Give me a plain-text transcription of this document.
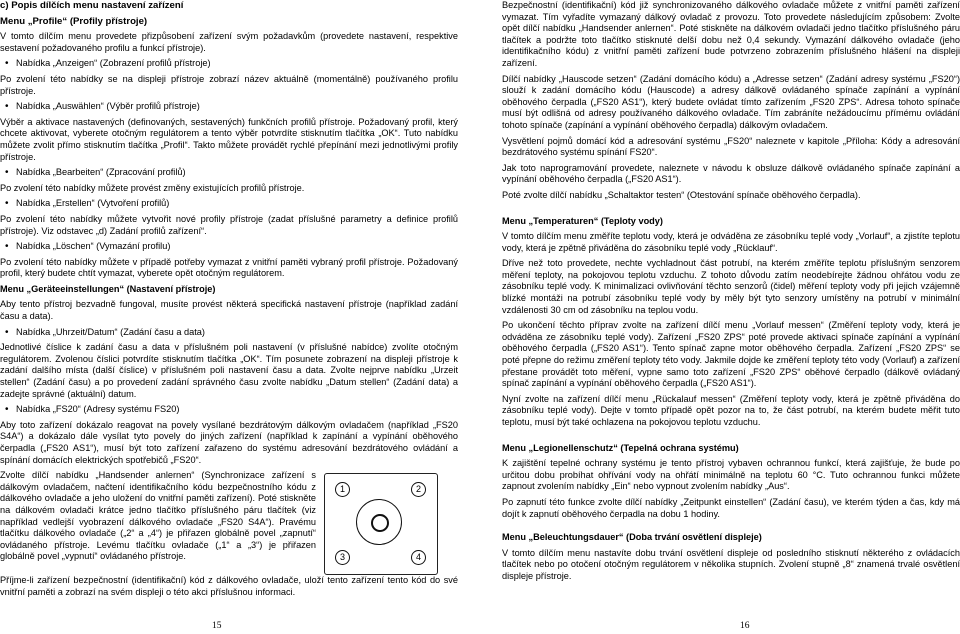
c) Popis dílčích menu nastavení zařízení

Menu „Profile“ (Profily přístroje)

V tomto dílčím menu provedete přizpůsobení zařízení svým požadavkům (provedete nastavení, respektive sestavení požadovaného profilu a funkcí přístroje).

• Nabídka „Anzeigen“ (Zobrazení profilů přístroje)

Po zvolení této nabídky se na displeji přístroje zobrazí název aktuálně (momentálně) používaného profilu přístroje.

• Nabídka „Auswählen“ (Výběr profilů přístroje)

Výběr a aktivace nastavených (definovaných, sestavených) funkčních profilů přístroje. Požadovaný profil, který chcete aktivovat, vyberete otočným regulátorem a tento výběr potvrdíte stisknutím tlačítka „OK“. Tuto nabídku můžete zvolit přímo stisknutím tlačítka „Profil“. Takto můžete provádět rychlé přepínání mezi jednotlivými profily přístroje.

• Nabídka „Bearbeiten“ (Zpracování profilů)

Po zvolení této nabídky můžete provést změny existujících profilů přístroje.

• Nabídka „Erstellen“ (Vytvoření profilů)

Po zvolení této nabídky můžete vytvořit nové profily přístroje (zadat příslušné parametry a definice profilů přístroje). Viz odstavec „d) Zadání profilů zařízení“.

• Nabídka „Löschen“ (Vymazání profilu)

Po zvolení této nabídky můžete v případě potřeby vymazat z vnitřní paměti vybraný profil přístroje. Požadovaný profil, který budete chtít vymazat, vyberete opět otočným regulátorem.

Menu „Geräteeinstellungen“ (Nastavení přístroje)

Aby tento přístroj bezvadně fungoval, musíte provést některá specifická nastavení přístroje (například zadání času a data).

• Nabídka „Uhrzeit/Datum“ (Zadání času a data)

Jednotlivé číslice k zadání času a data v příslušném poli nastavení (v příslušné nabídce) zvolíte otočným regulátorem. Zvolenou číslici potvrdíte stisknutím tlačítka „OK“. Tím posunete zobrazení na displeji přístroje k zadání dalšího místa (další číslice) v příslušném poli nastavení času a data. Zvolte nejprve nabídku „Urzeit stellen“ (Zadání času) a po provedení zadání správného času zvolte nabídku „Datum stellen“ (Zadání data) a zadejte správné (aktuální) datum.

• Nabídka „FS20“ (Adresy systému FS20)

Aby toto zařízení dokázalo reagovat na povely vysílané bezdrátovým dálkovým ovladačem (například „FS20 S4A“) a dokázalo dále vysílat tyto povely do jiných zařízení (například k zapínání a vypínání oběhového čerpadla („FS20 AS1“), musí být toto zařízení zařazeno do systému adresování bezdrátového ovládání a spínání domácích elektrických spotřebičů „FS20“.

Zvolte dílčí nabídku „Handsender anlernen“ (Synchronizace zařízení s dálkovým ovladačem, načtení identifikačního kódu bezpečnostního kódu z dálkového ovladače a jeho uložení do vnitřní paměti zařízení). Poté stiskněte na dálkovém ovladači krátce jedno tlačítko příslušného páru tlačítek (viz například vedlejší vyobrazení dálkového ovladače „FS20 S4A“). Pravému tlačítku dálkového ovladače („2“ a „4“) je přiřazen globálně povel „zapnutí“ ovládaného přístroje. Levému tlačítku ovladače („1“ a „3“) je přiřazen globálně povel „vypnutí“ ovládaného přístroje.

1	2
3	4

Příjme-li zařízení bezpečnostní (identifikační) kód z dálkového ovladače, uloží tento zařízení tento kód do své vnitřní paměti a zobrazí na svém displeji o této akci příslušnou informaci.

Bezpečnostní (identifikační) kód již synchronizovaného dálkového ovladače můžete z vnitřní paměti zařízení vymazat. Tím vyřadíte vymazaný dálkový ovladač z provozu. Toto provedete následujícím způsobem: Zvolte opět dílčí nabídku „Handsender anlernen“. Poté stiskněte na dálkovém ovladači jedno tlačítko příslušného páru tlačítek a podržte toto tlačítko stisknuté delší dobu než 0,4 sekundy. Vymazání dálkového ovladače (jeho identifikačního kódu) z vnitřní paměti zařízení bude potvrzeno zobrazením příslušného hlášení na displeji zařízení.

Dílčí nabídky „Hauscode setzen“ (Zadání domácího kódu) a „Adresse setzen“ (Zadání adresy systému „FS20“) slouží k zadání domácího kódu (Hauscode) a adresy dálkově ovládaného spínače zapínání a vypínání oběhového čerpadla („FS20 AS1“), který budete ovládat tímto zařízením „FS20 ZPS“. Adresa tohoto spínače musí být odlišná od adresy používaného dálkového ovladače. Tím zabráníte nežádoucímu přímému ovládání tohoto spínače (zapínání a vypínání oběhového čerpadla) dálkovým ovladačem.

Vysvětlení pojmů domácí kód a adresování systému „FS20“ naleznete v kapitole „Příloha: Kódy a adresování bezdrátového systému spínání FS20“.

Jak toto naprogramování provedete, naleznete v návodu k obsluze dálkově ovládaného spínače zapínání a vypínání oběhového čerpadla („FS20 AS1“).

Poté zvolte dílčí nabídku „Schaltaktor testen“ (Otestování spínače oběhového čerpadla).

Menu „Temperaturen“ (Teploty vody)

V tomto dílčím menu změříte teplotu vody, která je odváděna ze zásobníku teplé vody „Vorlauf“, a zjistíte teplotu vody, která je zpětně přiváděna do zásobníku teplé vody „Rücklauf“.

Dříve než toto provedete, nechte vychladnout část potrubí, na kterém změříte teplotu příslušným senzorem měření teploty, na pokojovou teplotu vzduchu. Z tohoto důvodu zatím neodebírejte žádnou ohřátou vodu ze zásobníku teplé vody. K minimalizaci ovlivňování těchto senzorů (čidel) měření teploty vody při jejich vzájemně blízké montáži na potrubí zásobníku teplé vody by měly být tyto senzory umístěny na potrubí v minimální vzdálenosti 30 cm od zásobníku na teplou vodu.

Po ukončení těchto příprav zvolte na zařízení dílčí menu „Vorlauf messen“ (Změření teploty vody, která je odváděna ze zásobníku teplé vody). Zařízení „FS20 ZPS“ poté provede aktivaci spínače zapínání a vypínání oběhového čerpadla („FS20 AS1“). Tento spínač zapne motor oběhového čerpadla. Zařízení „FS20 ZPS“ se poté přepne do režimu změření teploty této vody. Jakmile dojde ke změření teploty této vody (Vorlauf) a zařízení přestane provádět toto měření, vypne samo toto zařízení „FS20 ZPS“ oběhové čerpadlo (dálkově ovládaný spínač zapínání a vypínání oběhového čerpadla („FS20 AS1“).

Nyní zvolte na zařízení dílčí menu „Rückalauf messen“ (Změření teploty vody, která je zpětně přiváděna do zásobníku teplé vody). Dejte v tomto případě opět pozor na to, že část potrubí, na kterém budete měřit tuto teplotu, musí být také ochlazena na pokojovou teplotu vzduchu.

Menu „Legionellenschutz“ (Tepelná ochrana systému)

K zajištění tepelné ochrany systému je tento přístroj vybaven ochrannou funkcí, která zajišťuje, že bude po určitou dobu probíhat ohřívání vody na ohřátí minimálně na teplotu 60 °C. Tuto ochrannou funkci můžete zapnout zvolením nabídky „Ein“ nebo vypnout zvolením nabídky „Aus“.

Po zapnutí této funkce zvolte dílčí nabídky „Zeitpunkt einstellen“ (Zadání času), ve kterém týden a čas, kdy má dojít k zapnutí oběhového čerpadla na dobu 1 hodiny.

Menu „Beleuchtungsdauer“ (Doba trvání osvětlení displeje)

V tomto dílčím menu nastavíte dobu trvání osvětlení displeje od posledního stisknutí některého z ovládacích tlačítek nebo po otočení otočným regulátorem v několika stupních. Zvolení stupně „8“ znamená trvalé osvětlení displeje přístroje.

15	16
